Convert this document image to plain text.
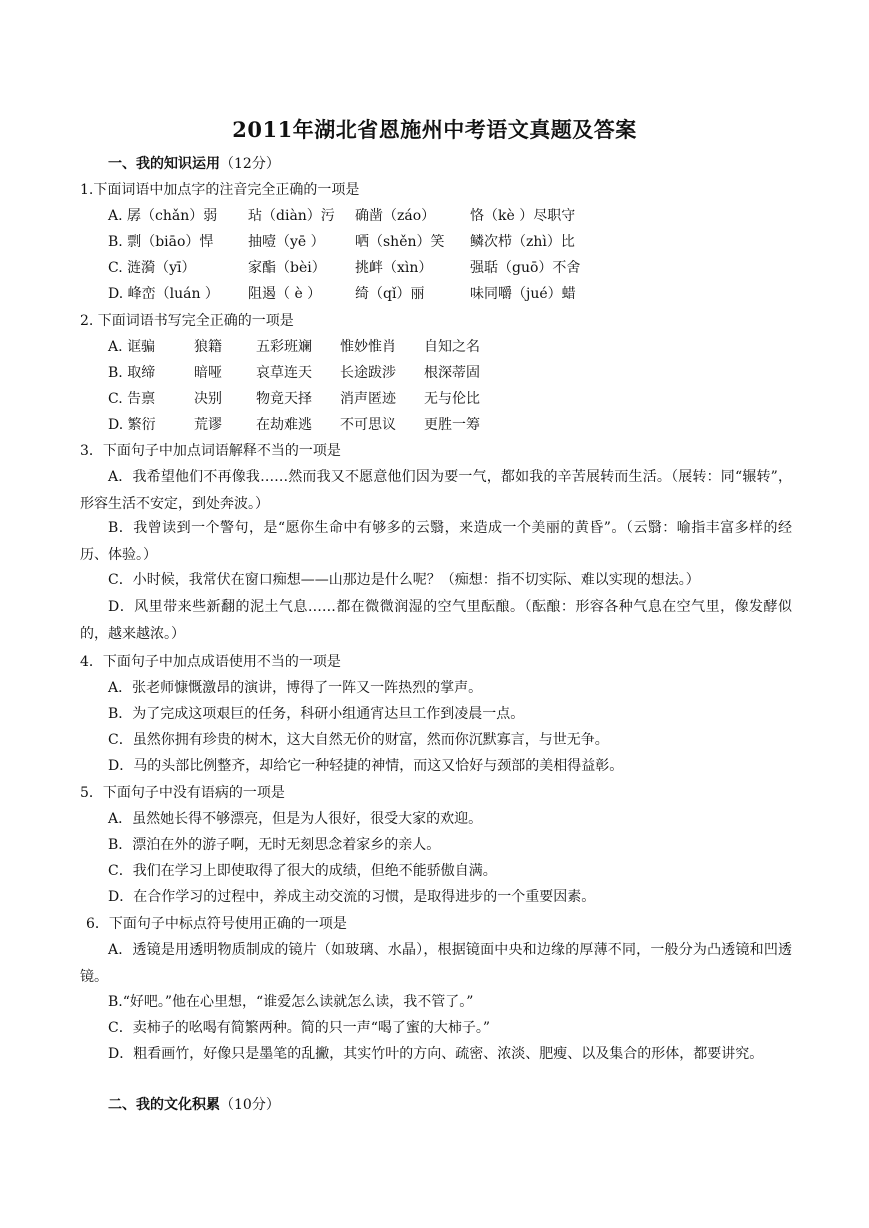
2011年湖北省恩施州中考语文真题及答案
一、我的知识运用（12分）
1.下面词语中加点字的注音完全正确的一项是
A. 孱（chǎn）弱 玷（diàn）污 确凿（záo） 恪（kè ）尽职守
B. 剽（biāo）悍 抽噎（yē ） 哂（shěn）笑 鳞次栉（zhì）比
C. 涟漪（yī）	家酯（bèi） 挑衅（xìn）	强聒（guō）不舍
D. 峰峦（luán ） 阻遏（ è ） 绮（qǐ）丽	味同嚼（jué）蜡
2. 下面词语书写完全正确的一项是
A. 诓骗	狼籍 五彩班斓 惟妙惟肖 自知之名
B. 取缔	暗哑 哀草连天 长途跋涉 根深蒂固
C. 告禀	决别 物竟天择 消声匿迹 无与伦比
D. 繁衍	荒谬 在劫难逃 不可思议 更胜一筹
3．下面句子中加点词语解释不当的一项是
A．我希望他们不再像我……然而我又不愿意他们因为要一气，都如我的辛苦展转而生活。（展转：同“辗转”，形容生活不安定，到处奔波。）
B．我曾读到一个警句，是“愿你生命中有够多的云翳，来造成一个美丽的黄昏”。（云翳：喻指丰富多样的经历、体验。）
C．小时候，我常伏在窗口痴想——山那边是什么呢？（痴想：指不切实际、难以实现的想法。）
D．风里带来些新翻的泥土气息……都在微微润湿的空气里酝酿。（酝酿：形容各种气息在空气里，像发酵似的，越来越浓。）
4．下面句子中加点成语使用不当的一项是
A．张老师慷慨激昂的演讲，博得了一阵又一阵热烈的掌声。
B．为了完成这项艰巨的任务，科研小组通宵达旦工作到凌晨一点。
C．虽然你拥有珍贵的树木，这大自然无价的财富，然而你沉默寡言，与世无争。
D．马的头部比例整齐，却给它一种轻捷的神情，而这又恰好与颈部的美相得益彰。
5．下面句子中没有语病的一项是
A．虽然她长得不够漂亮，但是为人很好，很受大家的欢迎。
B．漂泊在外的游子啊，无时无刻思念着家乡的亲人。
C．我们在学习上即使取得了很大的成绩，但绝不能骄傲自满。
D．在合作学习的过程中，养成主动交流的习惯，是取得进步的一个重要因素。
6．下面句子中标点符号使用正确的一项是
A．透镜是用透明物质制成的镜片（如玻璃、水晶），根据镜面中央和边缘的厚薄不同，一般分为凸透镜和凹透镜。
B.“好吧。”他在心里想，“谁爱怎么读就怎么读，我不管了。”
C．卖柿子的吆喝有简繁两种。简的只一声“喝了蜜的大柿子。”
D．粗看画竹，好像只是墨笔的乱撇，其实竹叶的方向、疏密、浓淡、肥瘦、以及集合的形体，都要讲究。
二、我的文化积累（10分）
